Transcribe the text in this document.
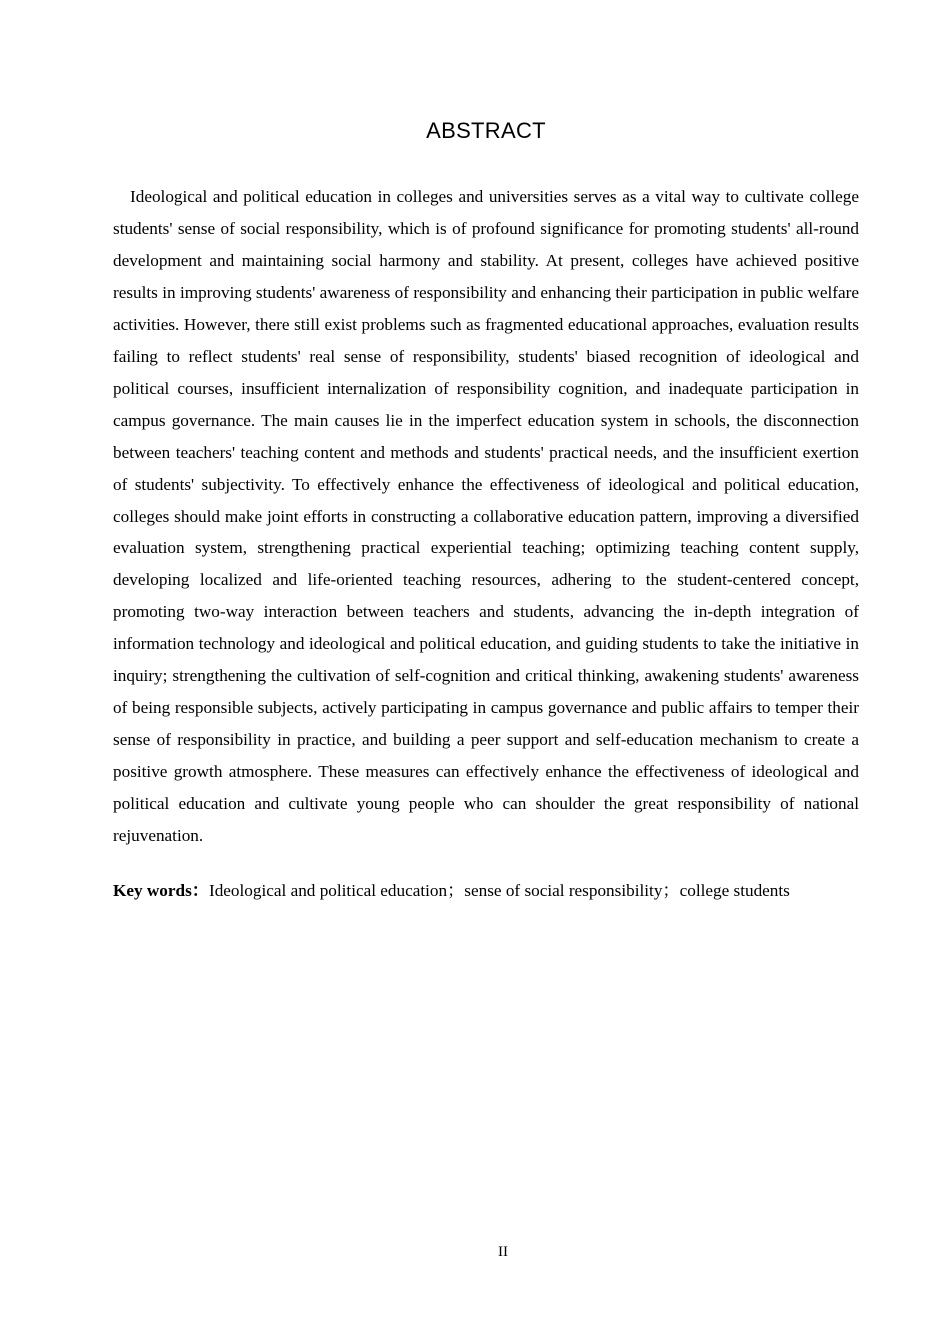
ABSTRACT

Ideological and political education in colleges and universities serves as a vital way to cultivate college students' sense of social responsibility, which is of profound significance for promoting students' all-round development and maintaining social harmony and stability. At present, colleges have achieved positive results in improving students' awareness of responsibility and enhancing their participation in public welfare activities. However, there still exist problems such as fragmented educational approaches, evaluation results failing to reflect students' real sense of responsibility, students' biased recognition of ideological and political courses, insufficient internalization of responsibility cognition, and inadequate participation in campus governance. The main causes lie in the imperfect education system in schools, the disconnection between teachers' teaching content and methods and students' practical needs, and the insufficient exertion of students' subjectivity. To effectively enhance the effectiveness of ideological and political education, colleges should make joint efforts in constructing a collaborative education pattern, improving a diversified evaluation system, strengthening practical experiential teaching; optimizing teaching content supply, developing localized and life-oriented teaching resources, adhering to the student-centered concept, promoting two-way interaction between teachers and students, advancing the in-depth integration of information technology and ideological and political education, and guiding students to take the initiative in inquiry; strengthening the cultivation of self-cognition and critical thinking, awakening students' awareness of being responsible subjects, actively participating in campus governance and public affairs to temper their sense of responsibility in practice, and building a peer support and self-education mechanism to create a positive growth atmosphere. These measures can effectively enhance the effectiveness of ideological and political education and cultivate young people who can shoulder the great responsibility of national rejuvenation.

Key words：Ideological and political education；sense of social responsibility；college students

II
